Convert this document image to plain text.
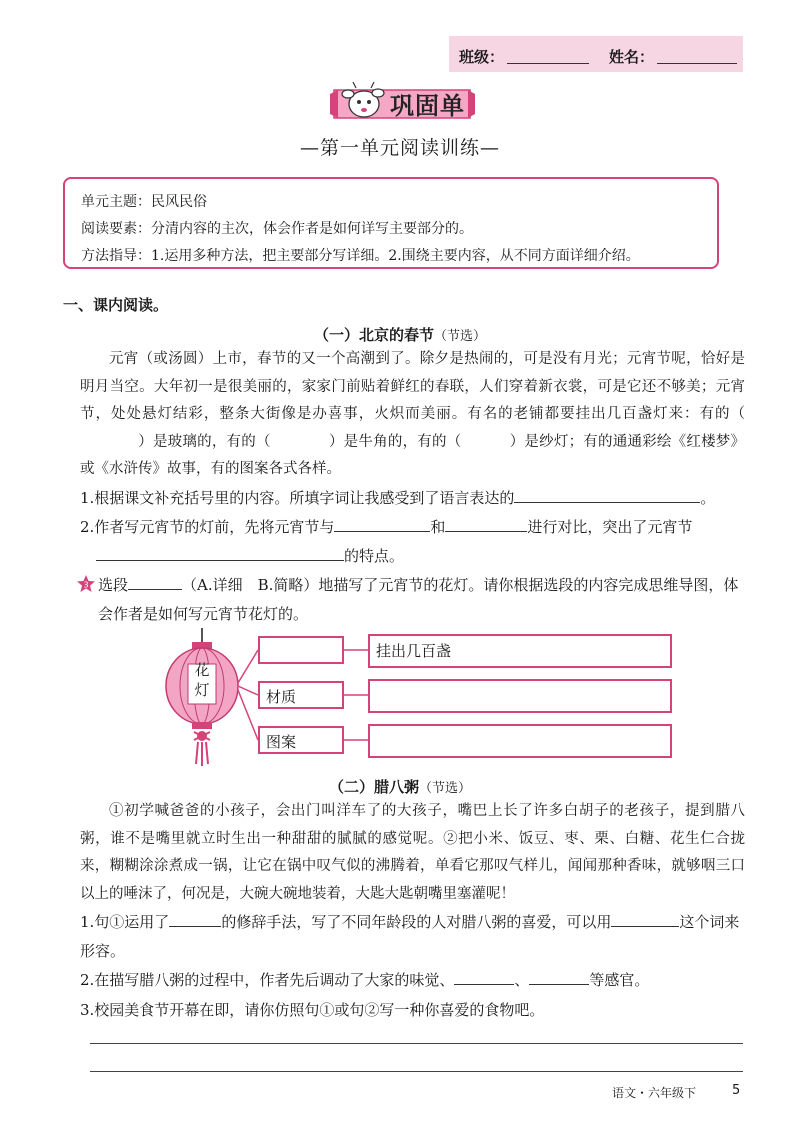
班级：	姓名：
巩固单
—第一单元阅读训练—
单元主题：民风民俗
阅读要素：分清内容的主次，体会作者是如何详写主要部分的。
方法指导：1.运用多种方法，把主要部分写详细。2.围绕主要内容，从不同方面详细介绍。
一、课内阅读。
（一）北京的春节（节选）

元宵（或汤圆）上市，春节的又一个高潮到了。除夕是热闹的，可是没有月光；元宵节呢，恰好是明月当空。大年初一是很美丽的，家家门前贴着鲜红的春联，人们穿着新衣裳，可是它还不够美；元宵节，处处悬灯结彩，整条大街像是办喜事，火炽而美丽。有名的老铺都要挂出几百盏灯来：有的（）是玻璃的，有的（	）是牛角的，有的（	）是纱灯；有的通通彩绘《红楼梦》或《水浒传》故事，有的图案各式各样。

1.根据课文补充括号里的内容。所填字词让我感受到了语言表达的	。
2.作者写元宵节的灯前，先将元宵节与	和	进行对比，突出了元宵节
的特点。
3 选段	（A.详细　B.简略）地描写了元宵节的花灯。请你根据选段的内容完成思维导图，体会作者是如何写元宵节花灯的。
花灯	材质
图案
挂出几百盏
（二）腊八粥（节选）

①初学喊爸爸的小孩子，会出门叫洋车了的大孩子，嘴巴上长了许多白胡子的老孩子，提到腊八粥，谁不是嘴里就立时生出一种甜甜的腻腻的感觉呢。②把小米、饭豆、枣、栗、白糖、花生仁合拢来，糊糊涂涂煮成一锅，让它在锅中叹气似的沸腾着，单看它那叹气样儿，闻闻那种香味，就够咽三口以上的唾沫了，何况是，大碗大碗地装着，大匙大匙朝嘴里塞灌呢！

1.句①运用了	的修辞手法，写了不同年龄段的人对腊八粥的喜爱，可以用	这个词来形容。
2.在描写腊八粥的过程中，作者先后调动了大家的味觉、	、	等感官。
3.校园美食节开幕在即，请你仿照句①或句②写一种你喜爱的食物吧。
语文・六年级下	5
